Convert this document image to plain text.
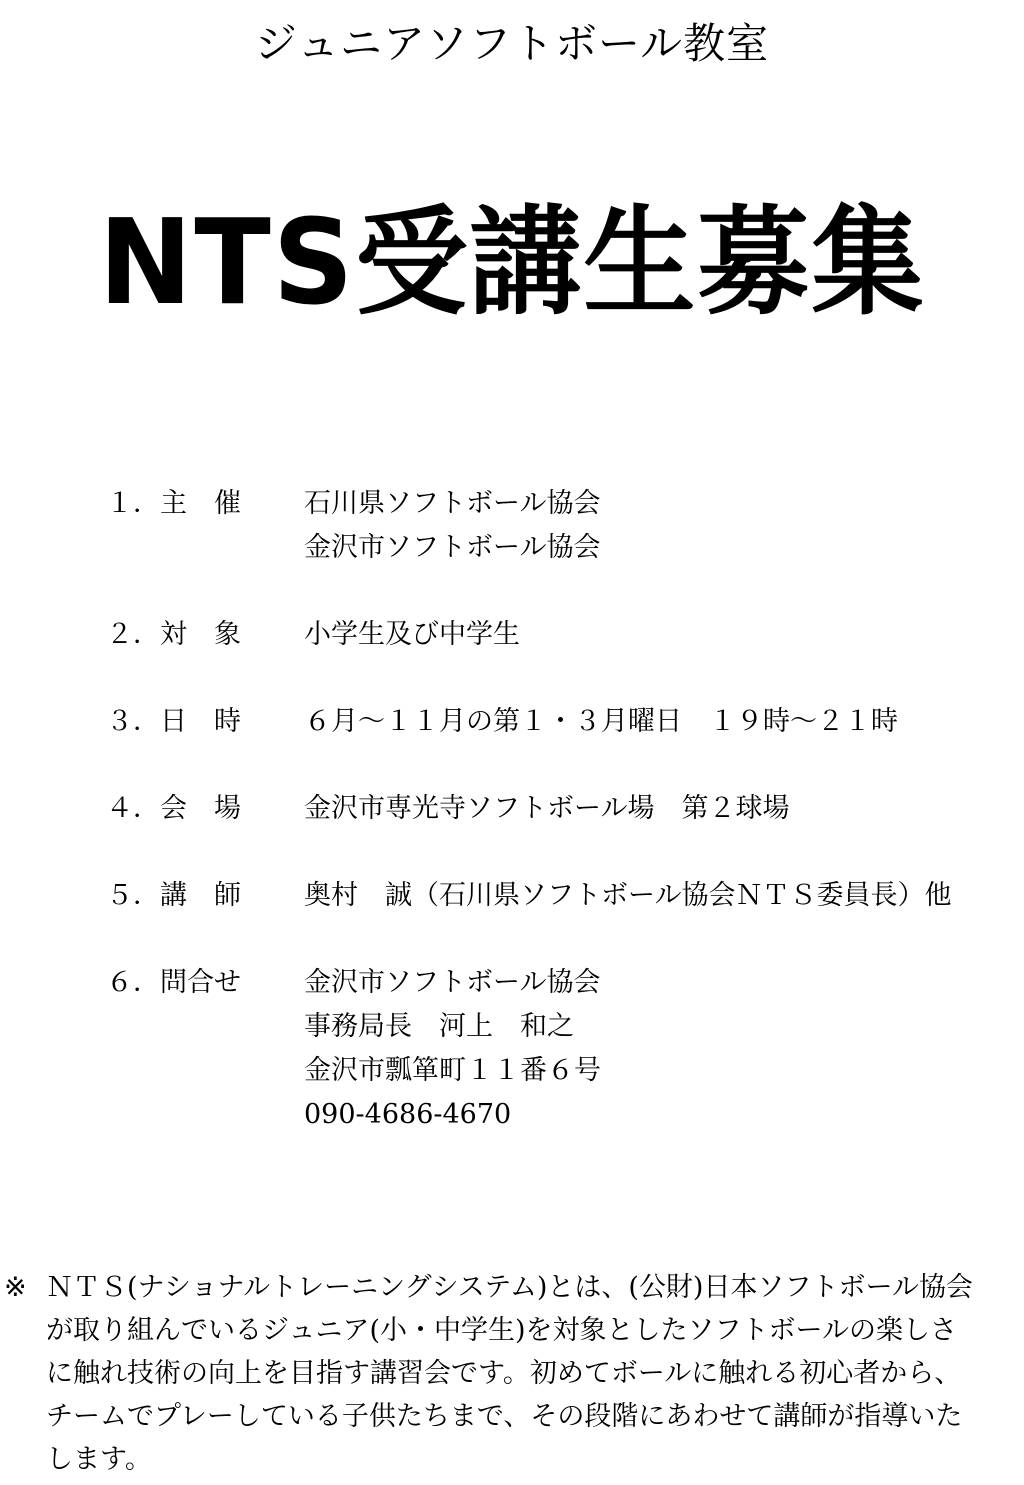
ジュニアソフトボール教室
NTS受講生募集
１．主　催	石川県ソフトボール協会
金沢市ソフトボール協会
２．対　象	小学生及び中学生
３．日　時	６月～１１月の第１・３月曜日　１９時～２１時
４．会　場	金沢市専光寺ソフトボール場　第２球場
５．講　師	奥村　誠（石川県ソフトボール協会ＮＴＳ委員長）他
６．問合せ	金沢市ソフトボール協会
事務局長　河上　和之
金沢市瓢箪町１１番６号
090-4686-4670
※ ＮＴＳ(ナショナルトレーニングシステム)とは、(公財)日本ソフトボール協会
が取り組んでいるジュニア(小・中学生)を対象としたソフトボールの楽しさ
に触れ技術の向上を目指す講習会です。初めてボールに触れる初心者から、
チームでプレーしている子供たちまで、その段階にあわせて講師が指導いた
します。
